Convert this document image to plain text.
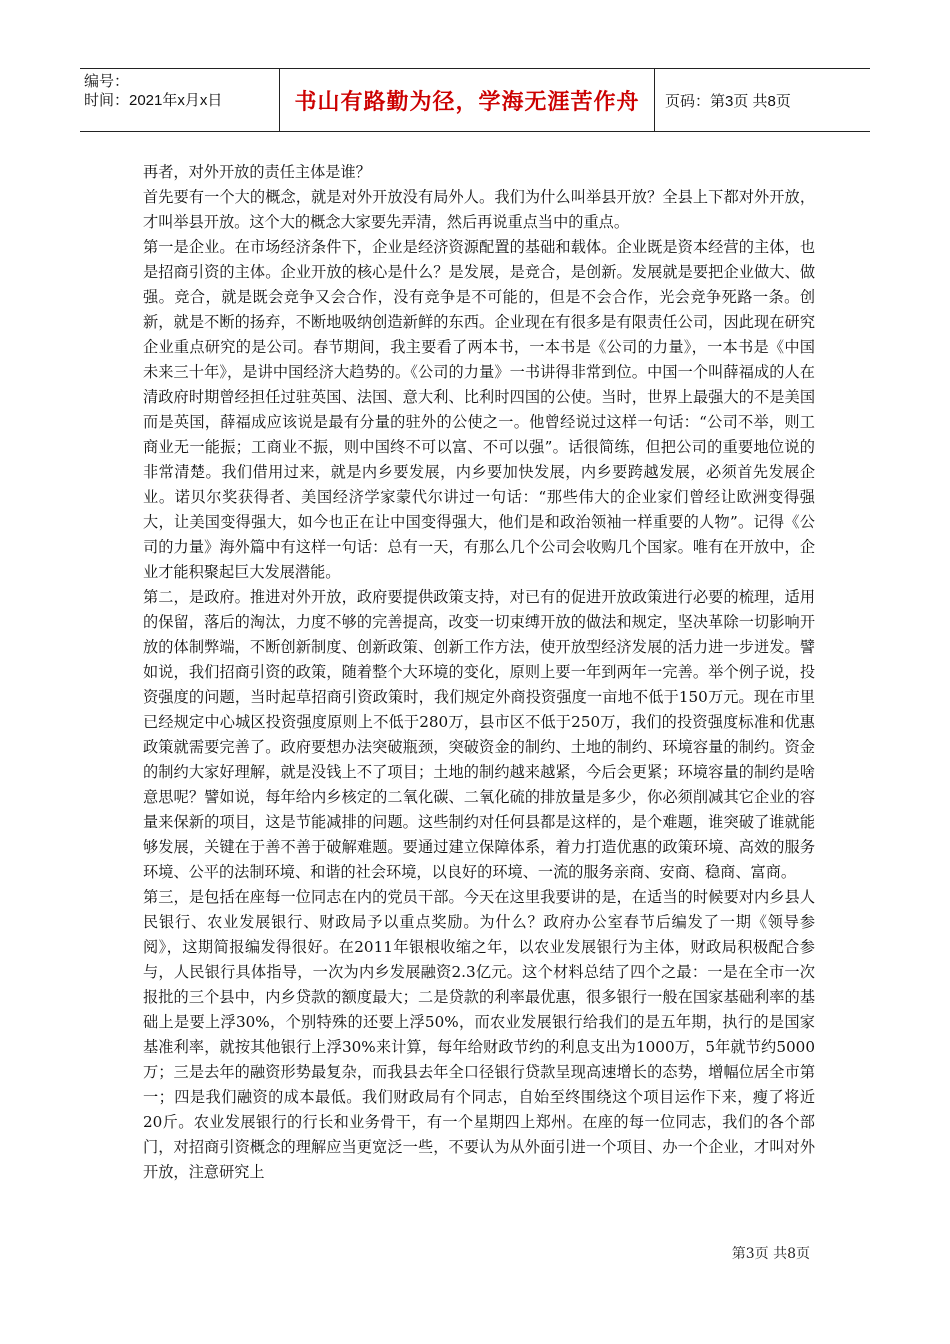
编号：
时间：2021年x月x日	书山有路勤为径，学海无涯苦作舟	页码：第3页 共8页

再者，对外开放的责任主体是谁？

首先要有一个大的概念，就是对外开放没有局外人。我们为什么叫举县开放？全县上下都对外开放，才叫举县开放。这个大的概念大家要先弄清，然后再说重点当中的重点。

第一是企业。在市场经济条件下，企业是经济资源配置的基础和载体。企业既是资本经营的主体，也是招商引资的主体。企业开放的核心是什么？是发展，是竞合，是创新。发展就是要把企业做大、做强。竞合，就是既会竞争又会合作，没有竞争是不可能的，但是不会合作，光会竞争死路一条。创新，就是不断的扬弃，不断地吸纳创造新鲜的东西。企业现在有很多是有限责任公司，因此现在研究企业重点研究的是公司。春节期间，我主要看了两本书，一本书是《公司的力量》，一本书是《中国未来三十年》，是讲中国经济大趋势的。《公司的力量》一书讲得非常到位。中国一个叫薛福成的人在清政府时期曾经担任过驻英国、法国、意大利、比利时四国的公使。当时，世界上最强大的不是美国而是英国，薛福成应该说是最有分量的驻外的公使之一。他曾经说过这样一句话：“公司不举，则工商业无一能振；工商业不振，则中国终不可以富、不可以强”。话很简练，但把公司的重要地位说的非常清楚。我们借用过来，就是内乡要发展，内乡要加快发展，内乡要跨越发展，必须首先发展企业。诺贝尔奖获得者、美国经济学家蒙代尔讲过一句话：“那些伟大的企业家们曾经让欧洲变得强大，让美国变得强大，如今也正在让中国变得强大，他们是和政治领袖一样重要的人物”。记得《公司的力量》海外篇中有这样一句话：总有一天，有那么几个公司会收购几个国家。唯有在开放中，企业才能积聚起巨大发展潜能。

第二，是政府。推进对外开放，政府要提供政策支持，对已有的促进开放政策进行必要的梳理，适用的保留，落后的淘汰，力度不够的完善提高，改变一切束缚开放的做法和规定，坚决革除一切影响开放的体制弊端，不断创新制度、创新政策、创新工作方法，使开放型经济发展的活力进一步迸发。譬如说，我们招商引资的政策，随着整个大环境的变化，原则上要一年到两年一完善。举个例子说，投资强度的问题，当时起草招商引资政策时，我们规定外商投资强度一亩地不低于150万元。现在市里已经规定中心城区投资强度原则上不低于280万，县市区不低于250万，我们的投资强度标准和优惠政策就需要完善了。政府要想办法突破瓶颈，突破资金的制约、土地的制约、环境容量的制约。资金的制约大家好理解，就是没钱上不了项目；土地的制约越来越紧，今后会更紧；环境容量的制约是啥意思呢？譬如说，每年给内乡核定的二氧化碳、二氧化硫的排放量是多少，你必须削减其它企业的容量来保新的项目，这是节能减排的问题。这些制约对任何县都是这样的，是个难题，谁突破了谁就能够发展，关键在于善不善于破解难题。要通过建立保障体系，着力打造优惠的政策环境、高效的服务环境、公平的法制环境、和谐的社会环境，以良好的环境、一流的服务亲商、安商、稳商、富商。

第三，是包括在座每一位同志在内的党员干部。今天在这里我要讲的是，在适当的时候要对内乡县人民银行、农业发展银行、财政局予以重点奖励。为什么？政府办公室春节后编发了一期《领导参阅》，这期简报编发得很好。在2011年银根收缩之年，以农业发展银行为主体，财政局积极配合参与，人民银行具体指导，一次为内乡发展融资2.3亿元。这个材料总结了四个之最：一是在全市一次报批的三个县中，内乡贷款的额度最大；二是贷款的利率最优惠，很多银行一般在国家基础利率的基础上是要上浮30%，个别特殊的还要上浮50%，而农业发展银行给我们的是五年期，执行的是国家基准利率，就按其他银行上浮30%来计算，每年给财政节约的利息支出为1000万，5年就节约5000万；三是去年的融资形势最复杂，而我县去年全口径银行贷款呈现高速增长的态势，增幅位居全市第一；四是我们融资的成本最低。我们财政局有个同志，自始至终围绕这个项目运作下来，瘦了将近20斤。农业发展银行的行长和业务骨干，有一个星期四上郑州。在座的每一位同志，我们的各个部门，对招商引资概念的理解应当更宽泛一些，不要认为从外面引进一个项目、办一个企业，才叫对外开放，注意研究上

第3页 共8页
